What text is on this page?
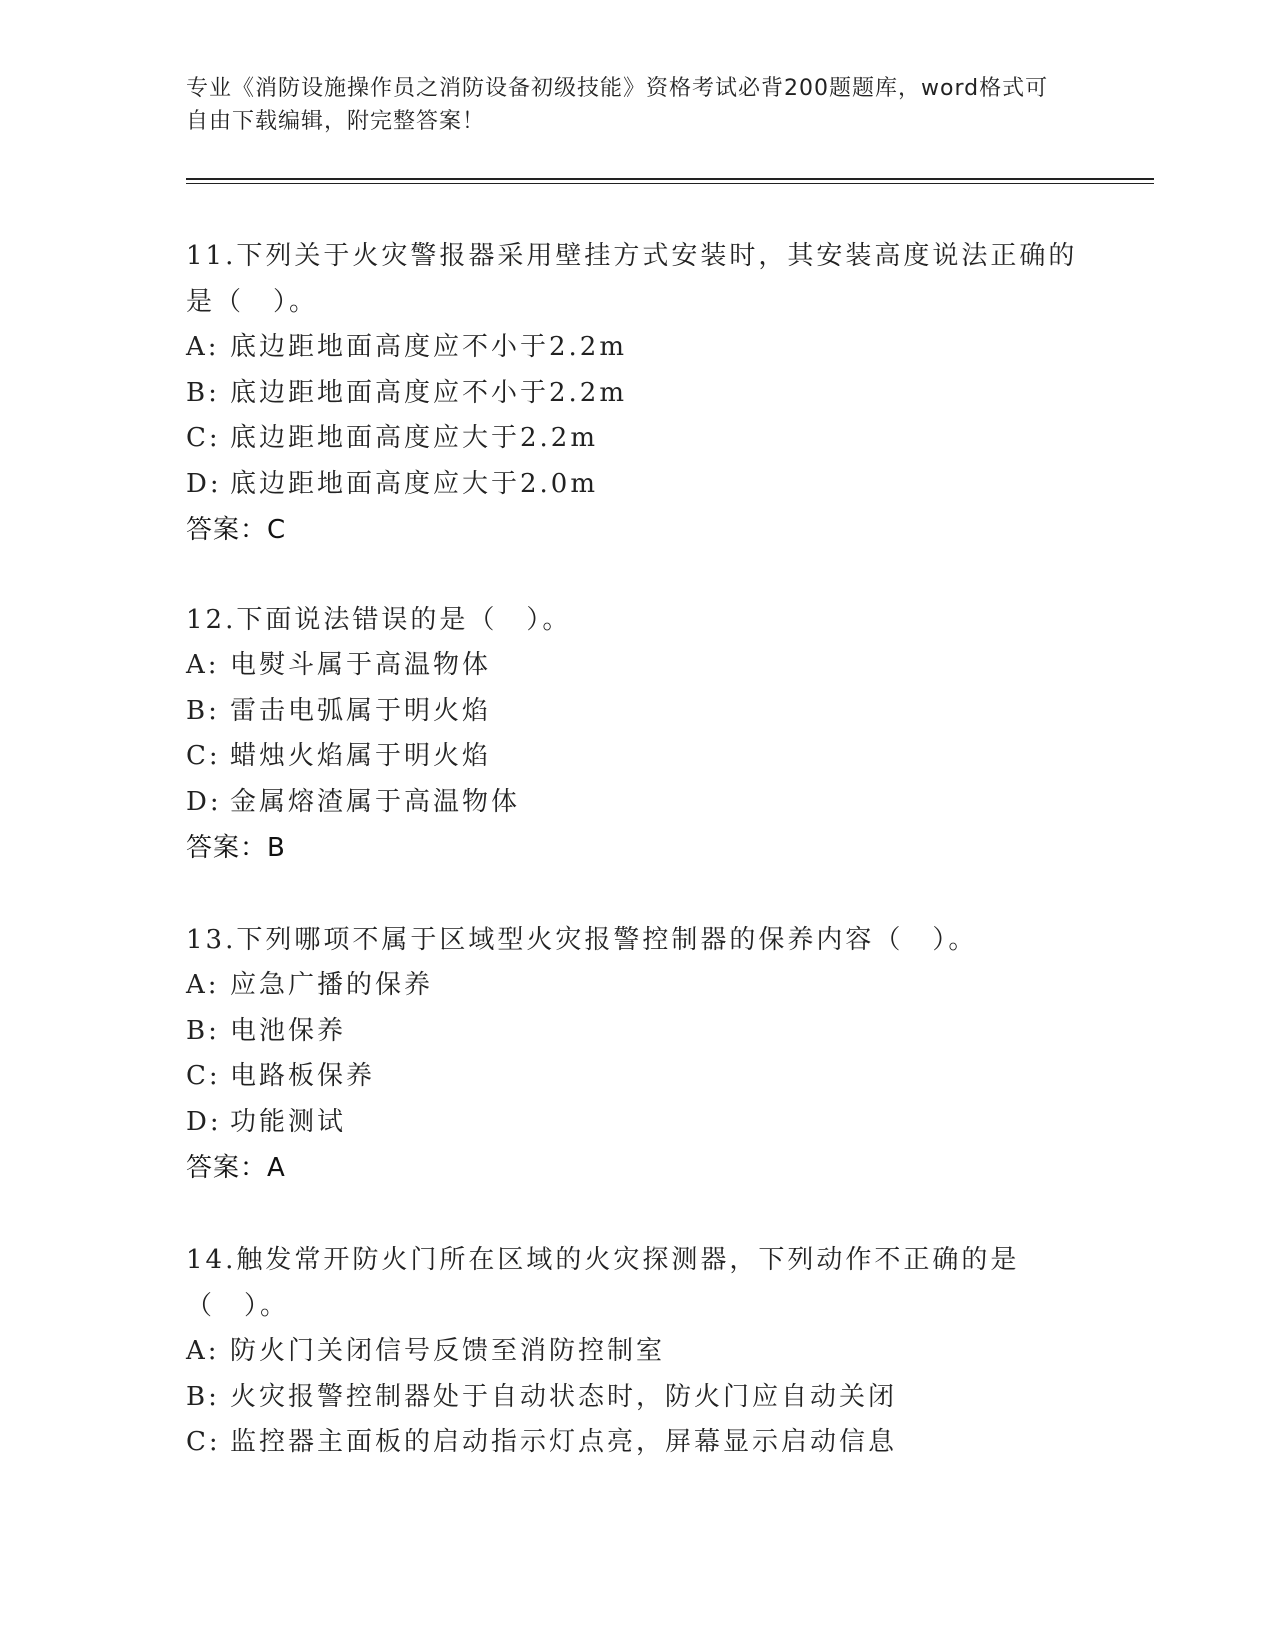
专业《消防设施操作员之消防设备初级技能》资格考试必背200题题库，word格式可自由下载编辑，附完整答案！

11.下列关于火灾警报器采用壁挂方式安装时，其安装高度说法正确的是（　）。

A: 底边距地面高度应不小于2.2m

B: 底边距地面高度应不小于2.2m

C: 底边距地面高度应大于2.2m

D: 底边距地面高度应大于2.0m

答案：C

12.下面说法错误的是（　）。

A: 电熨斗属于高温物体

B: 雷击电弧属于明火焰

C: 蜡烛火焰属于明火焰

D: 金属熔渣属于高温物体

答案：B

13.下列哪项不属于区域型火灾报警控制器的保养内容（　）。

A: 应急广播的保养

B: 电池保养

C: 电路板保养

D: 功能测试

答案：A

14.触发常开防火门所在区域的火灾探测器，下列动作不正确的是（　）。

A: 防火门关闭信号反馈至消防控制室

B: 火灾报警控制器处于自动状态时，防火门应自动关闭

C: 监控器主面板的启动指示灯点亮，屏幕显示启动信息
